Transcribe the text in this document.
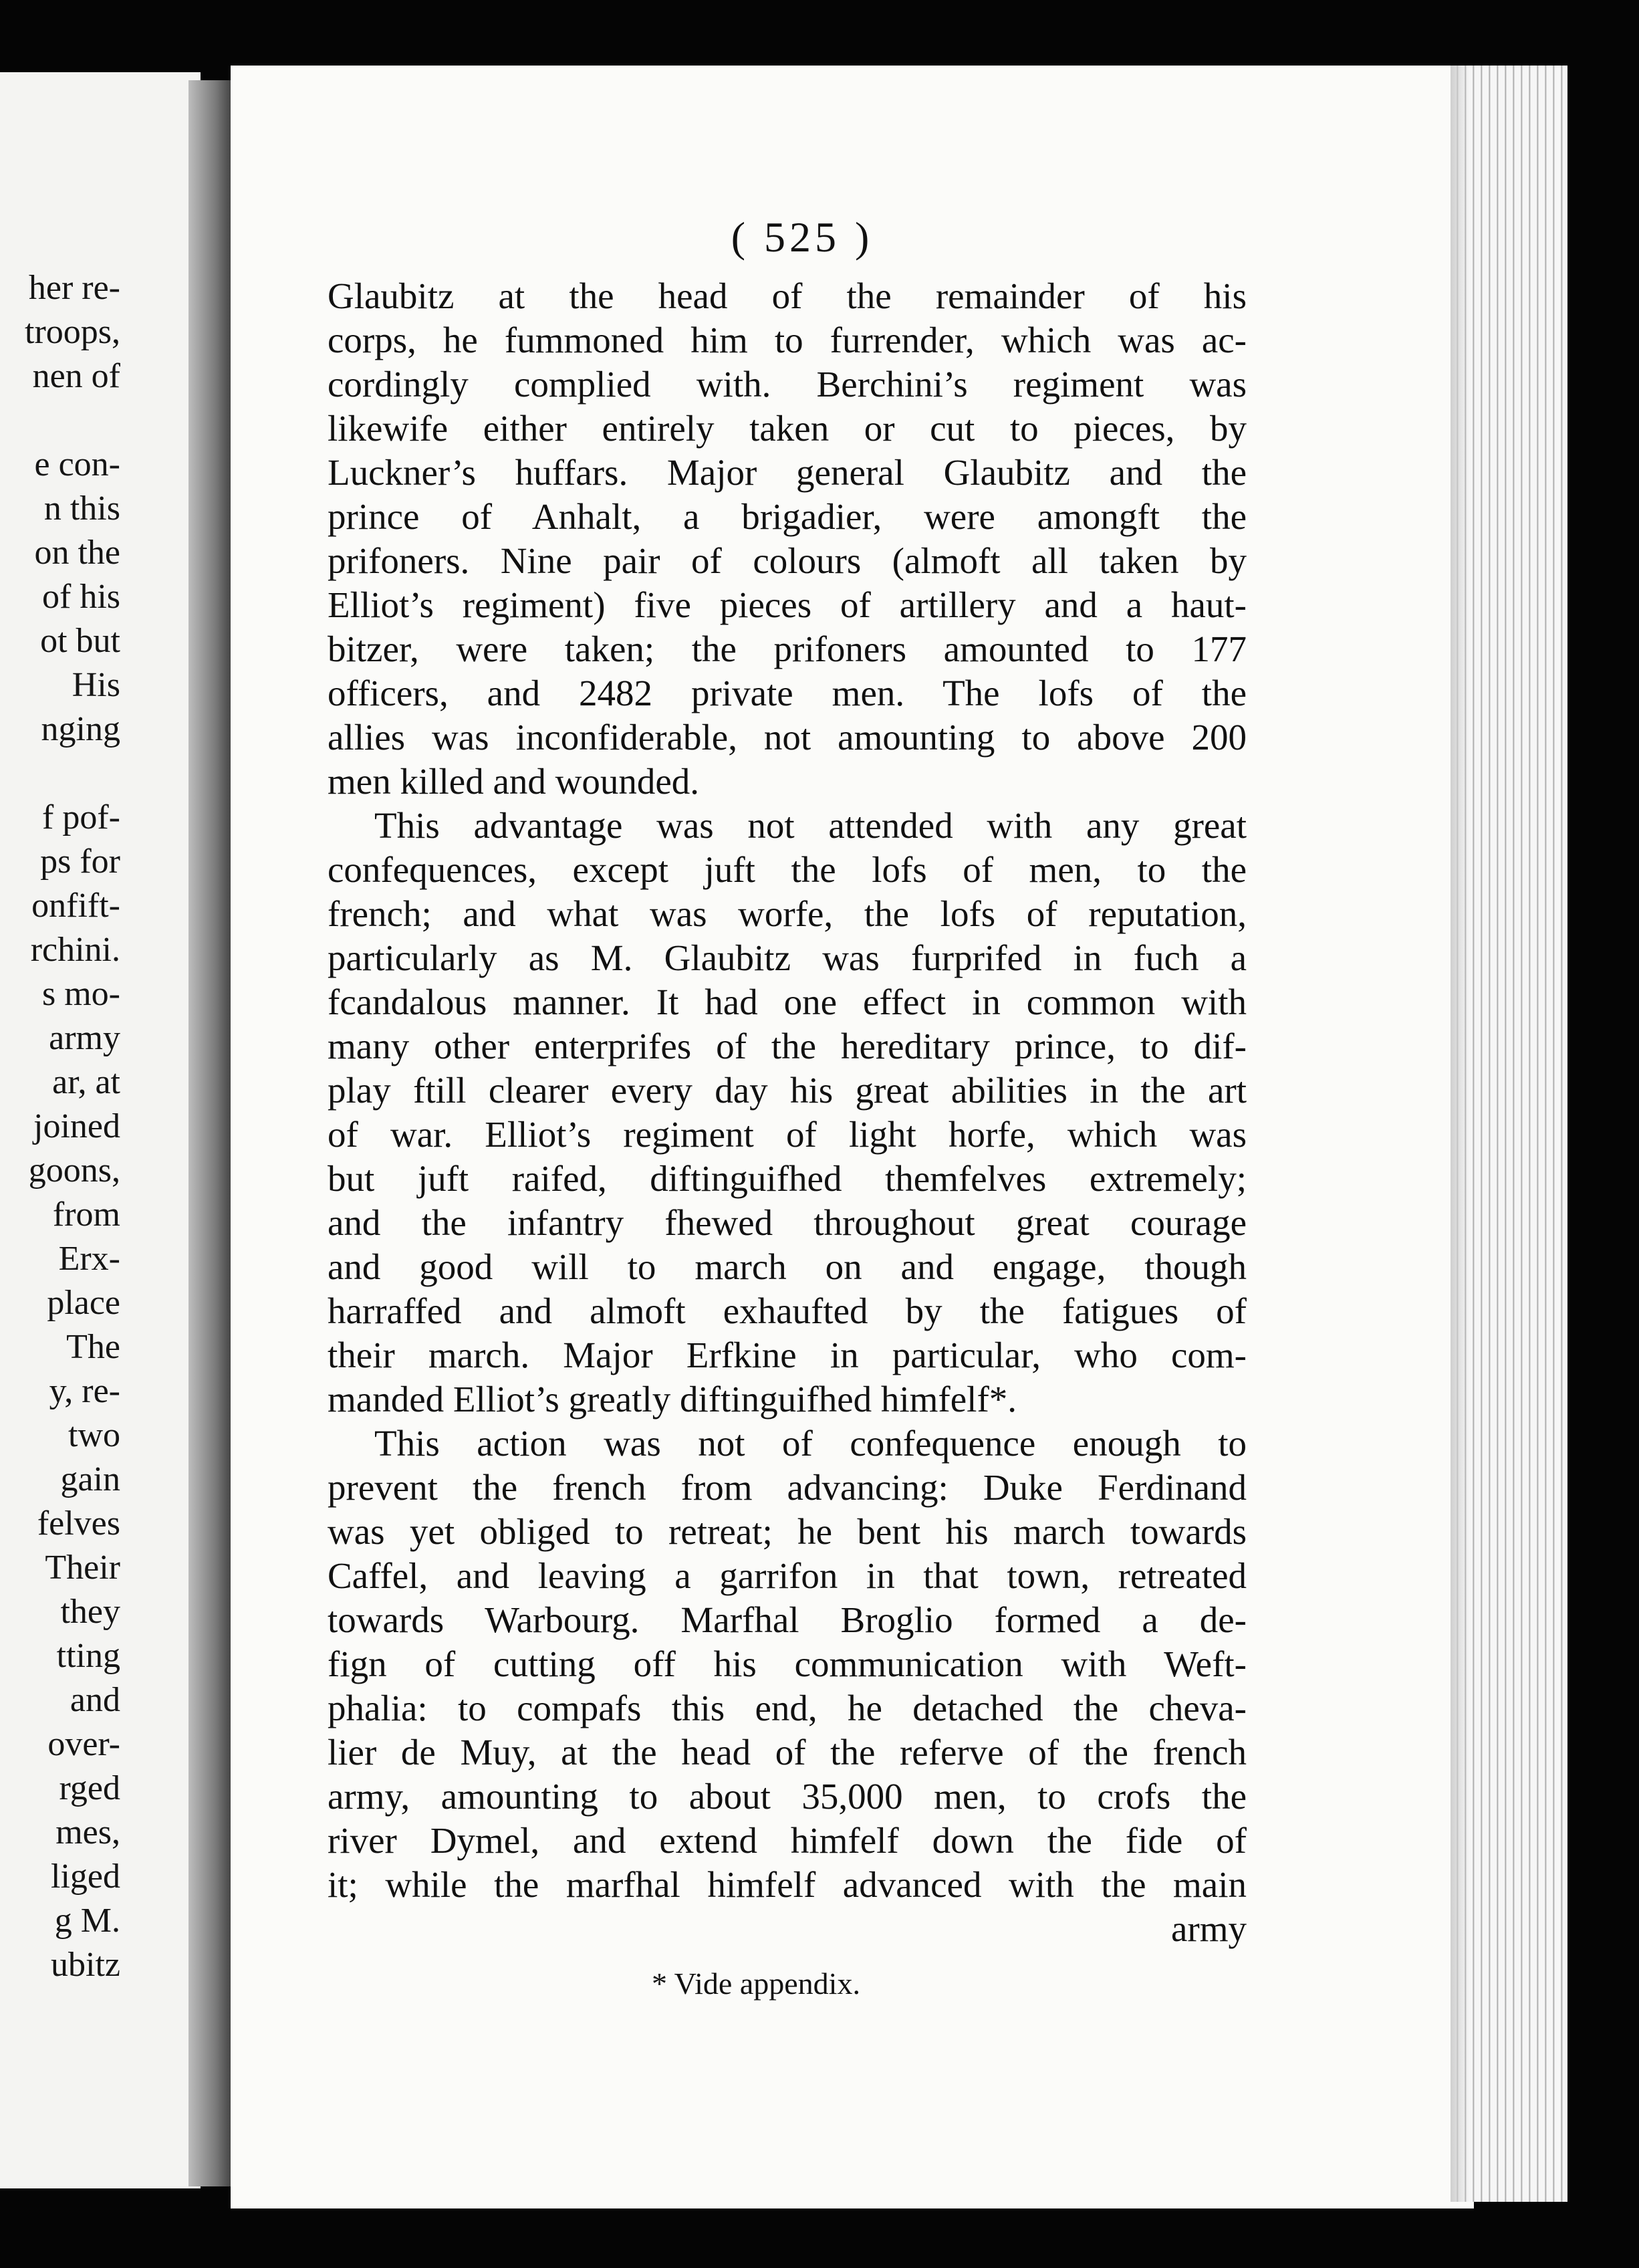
her re-
troops,
nen of
e con-
n this
on the
of his
ot but
His
nging
f pof-
ps for
onfift-
rchini.
s mo-
army
ar, at
joined
goons,
from
Erx-
place
The
y, re-
two
gain
felves
Their
they
tting
and
over-
rged
mes,
liged
g M.
ubitz
( 525 )
Glaubitz at the head of the remainder of his
corps, he fummoned him to furrender, which was ac-
cordingly complied with. Berchini’s regiment was
likewife either entirely taken or cut to pieces, by
Luckner’s huffars. Major general Glaubitz and the
prince of Anhalt, a brigadier, were amongft the
prifoners. Nine pair of colours (almoft all taken by
Elliot’s regiment) five pieces of artillery and a haut-
bitzer, were taken; the prifoners amounted to 177
officers, and 2482 private men. The lofs of the
allies was inconfiderable, not amounting to above 200
men killed and wounded.
This advantage was not attended with any great
confequences, except juft the lofs of men, to the
french; and what was worfe, the lofs of reputation,
particularly as M. Glaubitz was furprifed in fuch a
fcandalous manner. It had one effect in common with
many other enterprifes of the hereditary prince, to dif-
play ftill clearer every day his great abilities in the art
of war. Elliot’s regiment of light horfe, which was
but juft raifed, diftinguifhed themfelves extremely;
and the infantry fhewed throughout great courage
and good will to march on and engage, though
harraffed and almoft exhaufted by the fatigues of
their march. Major Erfkine in particular, who com-
manded Elliot’s greatly diftinguifhed himfelf*.
This action was not of confequence enough to
prevent the french from advancing: Duke Ferdinand
was yet obliged to retreat; he bent his march towards
Caffel, and leaving a garrifon in that town, retreated
towards Warbourg. Marfhal Broglio formed a de-
fign of cutting off his communication with Weft-
phalia: to compafs this end, he detached the cheva-
lier de Muy, at the head of the referve of the french
army, amounting to about 35,000 men, to crofs the
river Dymel, and extend himfelf down the fide of
it; while the marfhal himfelf advanced with the main
army
* Vide appendix.
